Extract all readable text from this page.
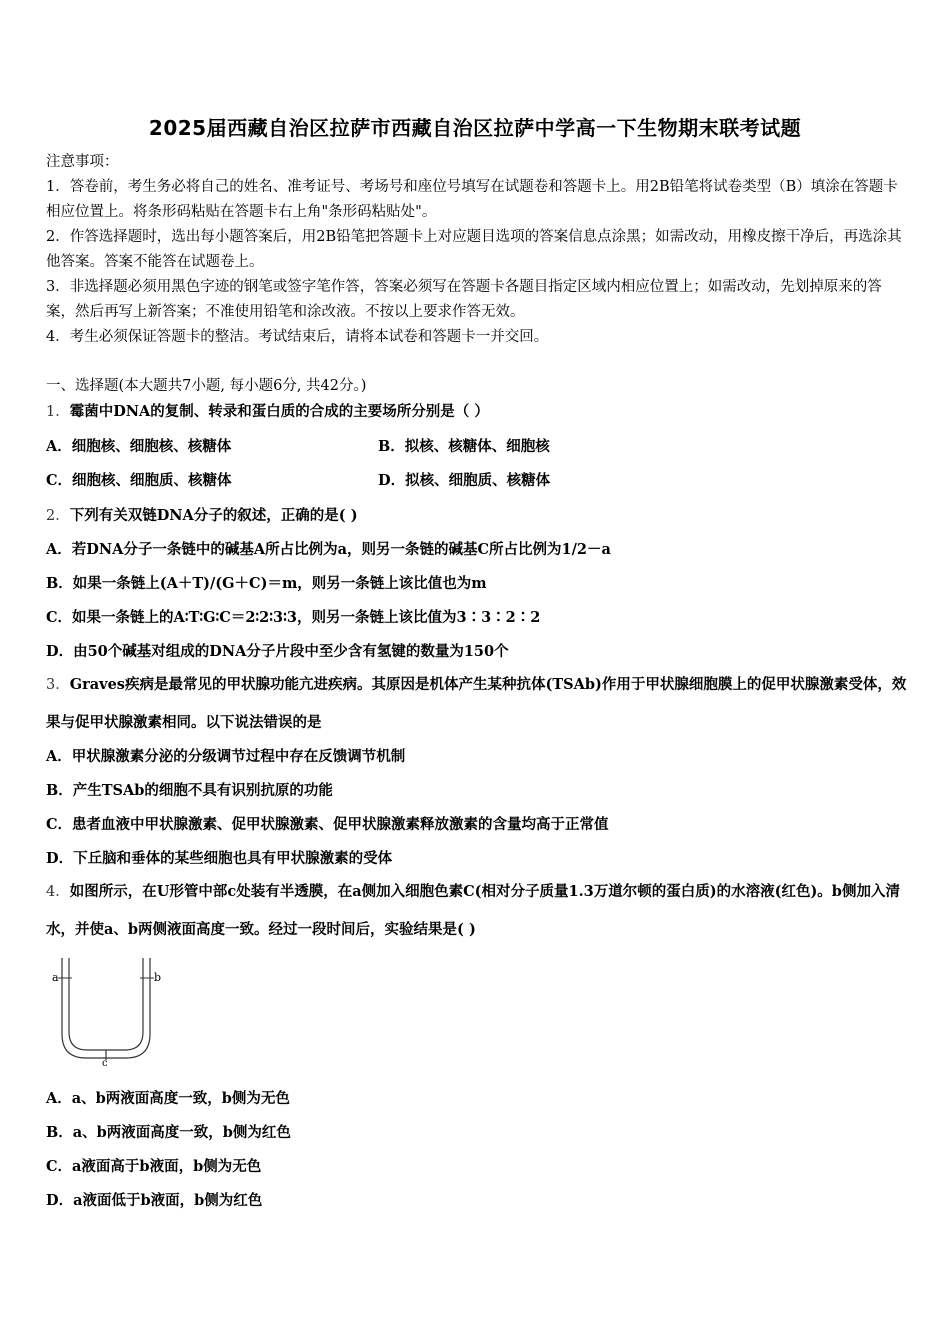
2025届西藏自治区拉萨市西藏自治区拉萨中学高一下生物期末联考试题
注意事项：
1．答卷前，考生务必将自己的姓名、准考证号、考场号和座位号填写在试题卷和答题卡上。用2B铅笔将试卷类型（B）填涂在答题卡相应位置上。将条形码粘贴在答题卡右上角"条形码粘贴处"。
2．作答选择题时，选出每小题答案后，用2B铅笔把答题卡上对应题目选项的答案信息点涂黑；如需改动，用橡皮擦干净后，再选涂其他答案。答案不能答在试题卷上。
3．非选择题必须用黑色字迹的钢笔或签字笔作答，答案必须写在答题卡各题目指定区域内相应位置上；如需改动，先划掉原来的答案，然后再写上新答案；不准使用铅笔和涂改液。不按以上要求作答无效。
4．考生必须保证答题卡的整洁。考试结束后，请将本试卷和答题卡一并交回。
一、选择题(本大题共7小题, 每小题6分, 共42分。)
1．霉菌中DNA的复制、转录和蛋白质的合成的主要场所分别是（ ）
A．细胞核、细胞核、核糖体	B．拟核、核糖体、细胞核
C．细胞核、细胞质、核糖体	D．拟核、细胞质、核糖体
2．下列有关双链DNA分子的叙述，正确的是( )
A．若DNA分子一条链中的碱基A所占比例为a，则另一条链的碱基C所占比例为1/2－a
B．如果一条链上(A＋T)/(G＋C)＝m，则另一条链上该比值也为m
C．如果一条链上的A∶T∶G∶C＝2∶2∶3∶3，则另一条链上该比值为3∶3∶2∶2
D．由50个碱基对组成的DNA分子片段中至少含有氢键的数量为150个
3．Graves疾病是最常见的甲状腺功能亢进疾病。其原因是机体产生某种抗体(TSAb)作用于甲状腺细胞膜上的促甲状腺激素受体，效果与促甲状腺激素相同。以下说法错误的是
A．甲状腺激素分泌的分级调节过程中存在反馈调节机制
B．产生TSAb的细胞不具有识别抗原的功能
C．患者血液中甲状腺激素、促甲状腺激素、促甲状腺激素释放激素的含量均高于正常值
D．下丘脑和垂体的某些细胞也具有甲状腺激素的受体
4．如图所示，在U形管中部c处装有半透膜，在a侧加入细胞色素C(相对分子质量1.3万道尔顿的蛋白质)的水溶液(红色)。b侧加入清水，并使a、b两侧液面高度一致。经过一段时间后，实验结果是( )
a	b
c
A．a、b两液面高度一致，b侧为无色
B．a、b两液面高度一致，b侧为红色
C．a液面高于b液面，b侧为无色
D．a液面低于b液面，b侧为红色
